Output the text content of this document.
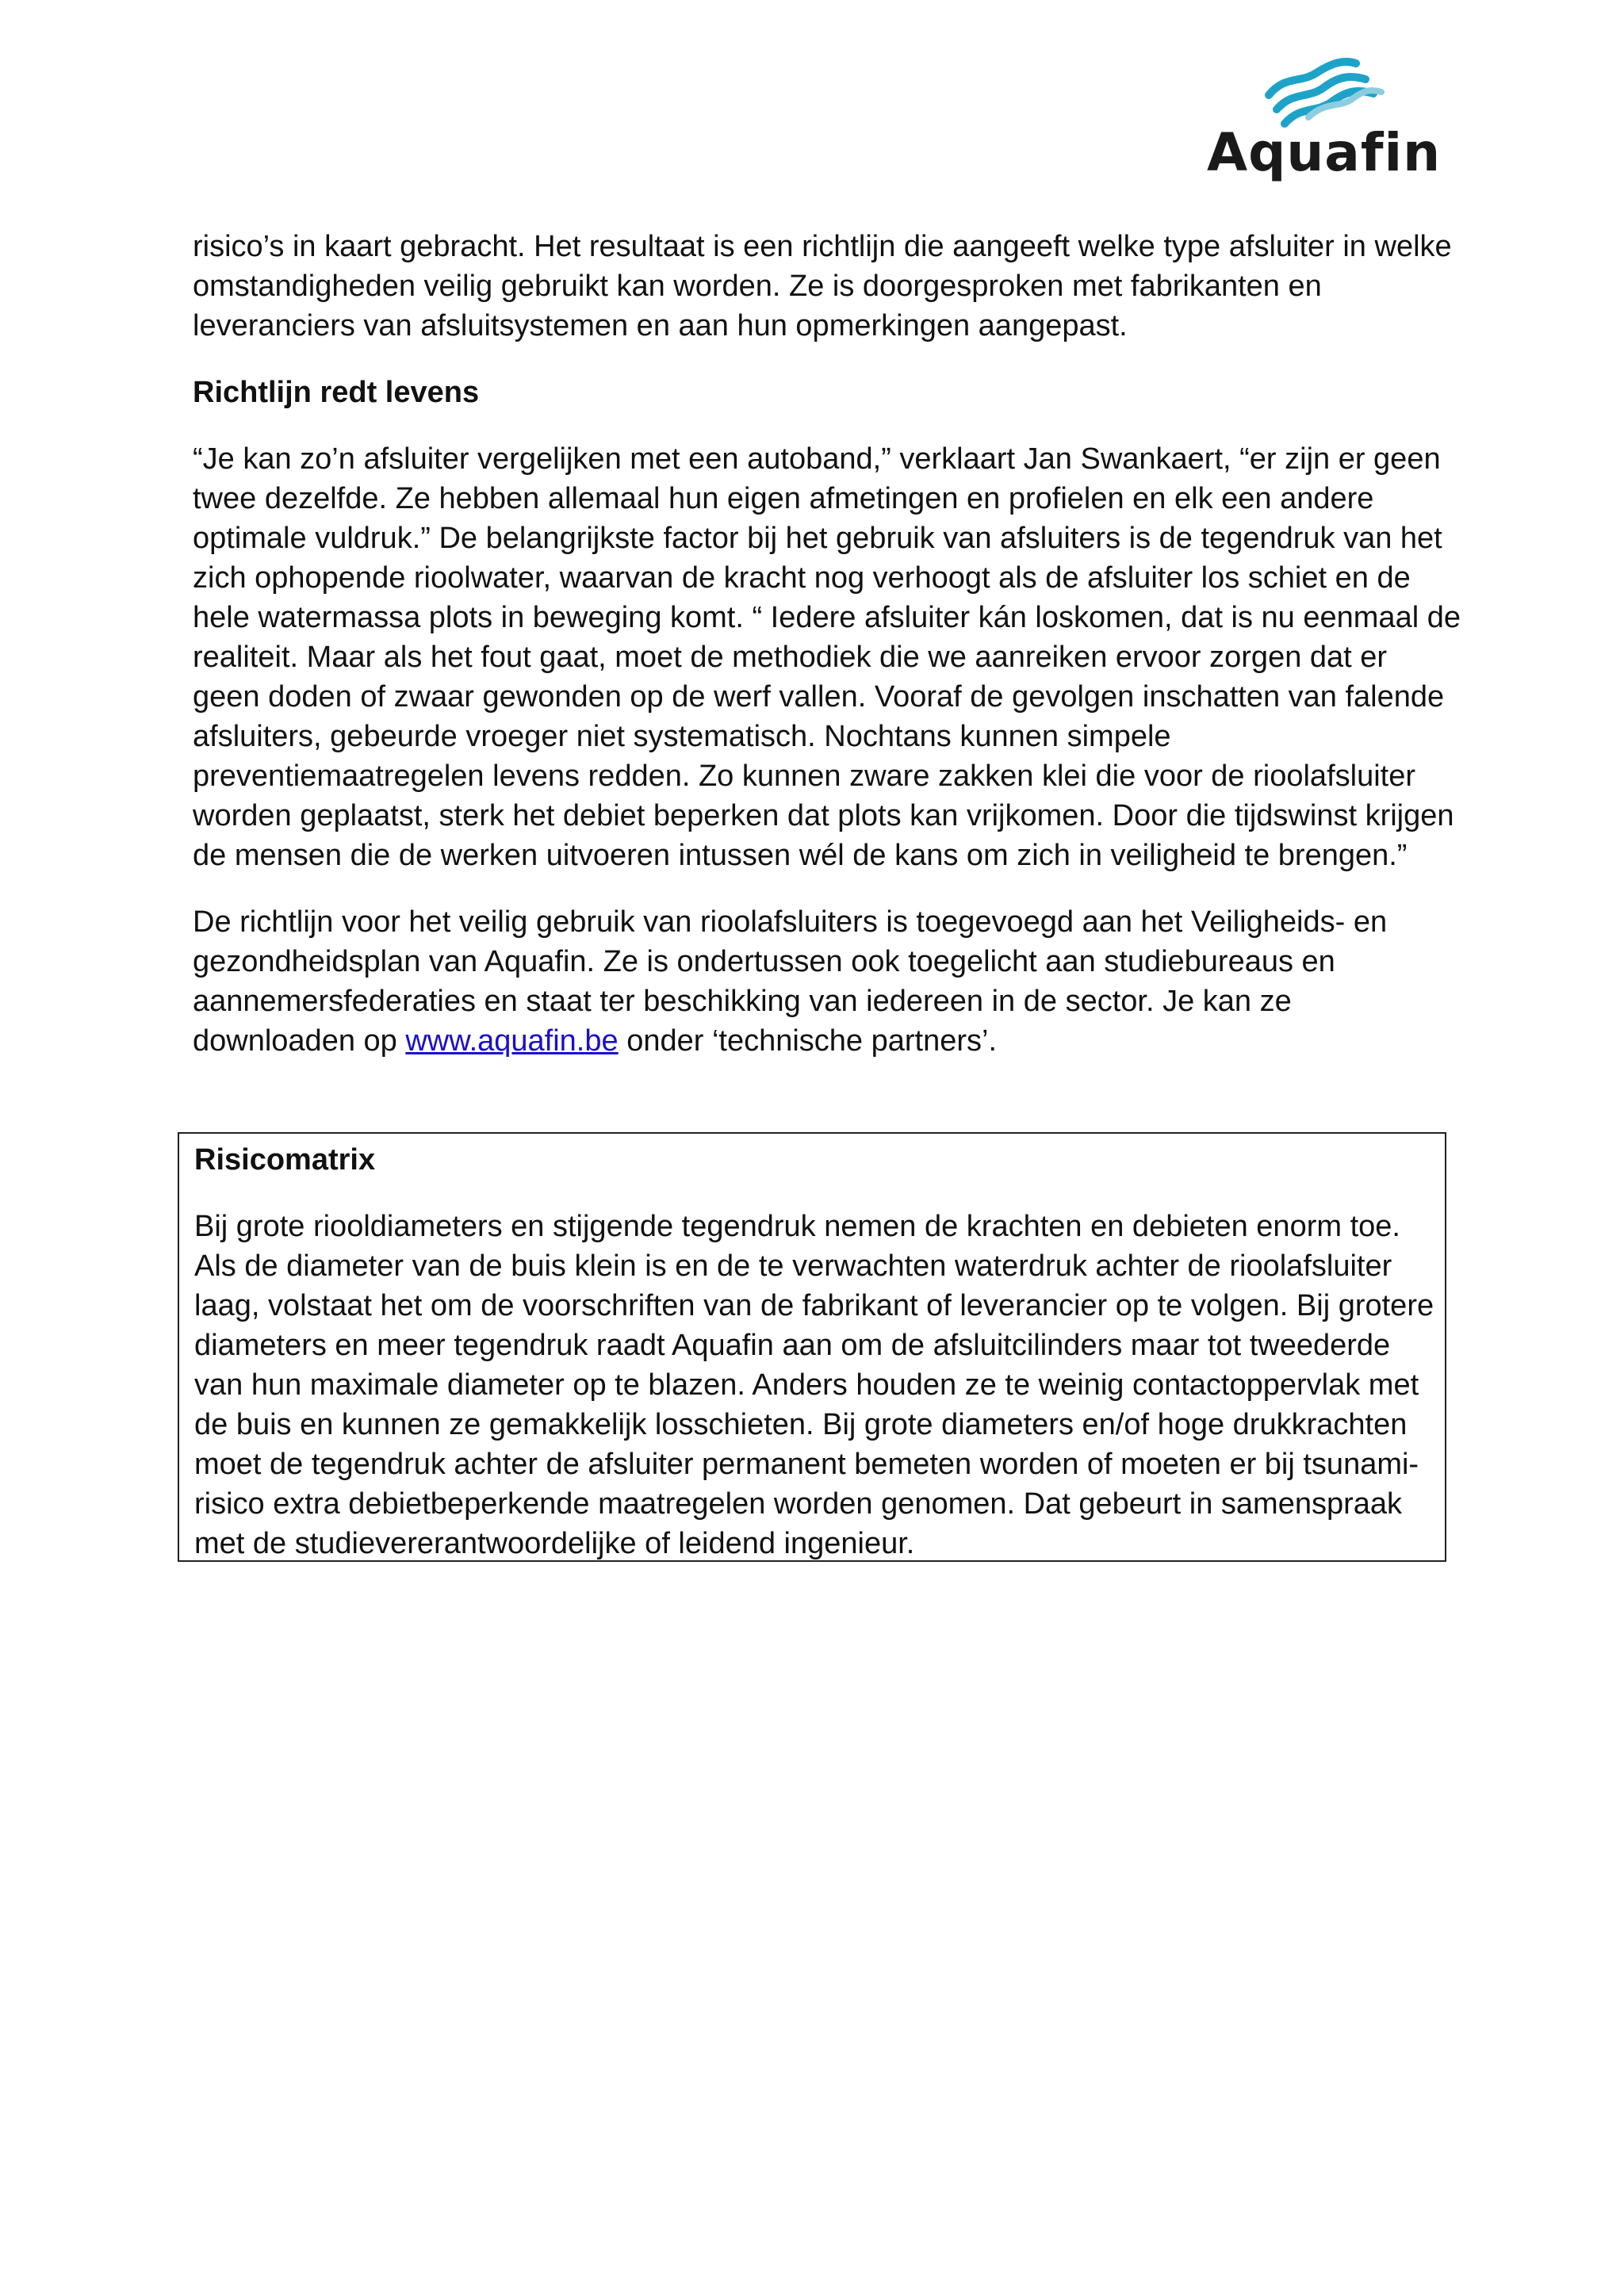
Aquafin

risico’s in kaart gebracht. Het resultaat is een richtlijn die aangeeft welke type afsluiter in welke omstandigheden veilig gebruikt kan worden. Ze is doorgesproken met fabrikanten en leveranciers van afsluitsystemen en aan hun opmerkingen aangepast.

Richtlijn redt levens

“Je kan zo’n afsluiter vergelijken met een autoband,” verklaart Jan Swankaert, “er zijn er geen twee dezelfde. Ze hebben allemaal hun eigen afmetingen en profielen en elk een andere optimale vuldruk.” De belangrijkste factor bij het gebruik van afsluiters is de tegendruk van het zich ophopende rioolwater, waarvan de kracht nog verhoogt als de afsluiter los schiet en de hele watermassa plots in beweging komt. “ Iedere afsluiter kán loskomen, dat is nu eenmaal de realiteit. Maar als het fout gaat, moet de methodiek die we aanreiken ervoor zorgen dat er geen doden of zwaar gewonden op de werf vallen. Vooraf de gevolgen inschatten van falende afsluiters, gebeurde vroeger niet systematisch. Nochtans kunnen simpele preventiemaatregelen levens redden. Zo kunnen zware zakken klei die voor de rioolafsluiter worden geplaatst, sterk het debiet beperken dat plots kan vrijkomen. Door die tijdswinst krijgen de mensen die de werken uitvoeren intussen wél de kans om zich in veiligheid te brengen.”

De richtlijn voor het veilig gebruik van rioolafsluiters is toegevoegd aan het Veiligheids- en gezondheidsplan van Aquafin. Ze is ondertussen ook toegelicht aan studiebureaus en aannemersfederaties en staat ter beschikking van iedereen in de sector. Je kan ze downloaden op www.aquafin.be onder ‘technische partners’.

Risicomatrix

Bij grote riooldiameters en stijgende tegendruk nemen de krachten en debieten enorm toe. Als de diameter van de buis klein is en de te verwachten waterdruk achter de rioolafsluiter laag, volstaat het om de voorschriften van de fabrikant of leverancier op te volgen. Bij grotere diameters en meer tegendruk raadt Aquafin aan om de afsluitcilinders maar tot tweederde van hun maximale diameter op te blazen. Anders houden ze te weinig contactoppervlak met de buis en kunnen ze gemakkelijk losschieten. Bij grote diameters en/of hoge drukkrachten moet de tegendruk achter de afsluiter permanent bemeten worden of moeten er bij tsunami-risico extra debietbeperkende maatregelen worden genomen. Dat gebeurt in samenspraak met de studievererantwoordelijke of leidend ingenieur.
